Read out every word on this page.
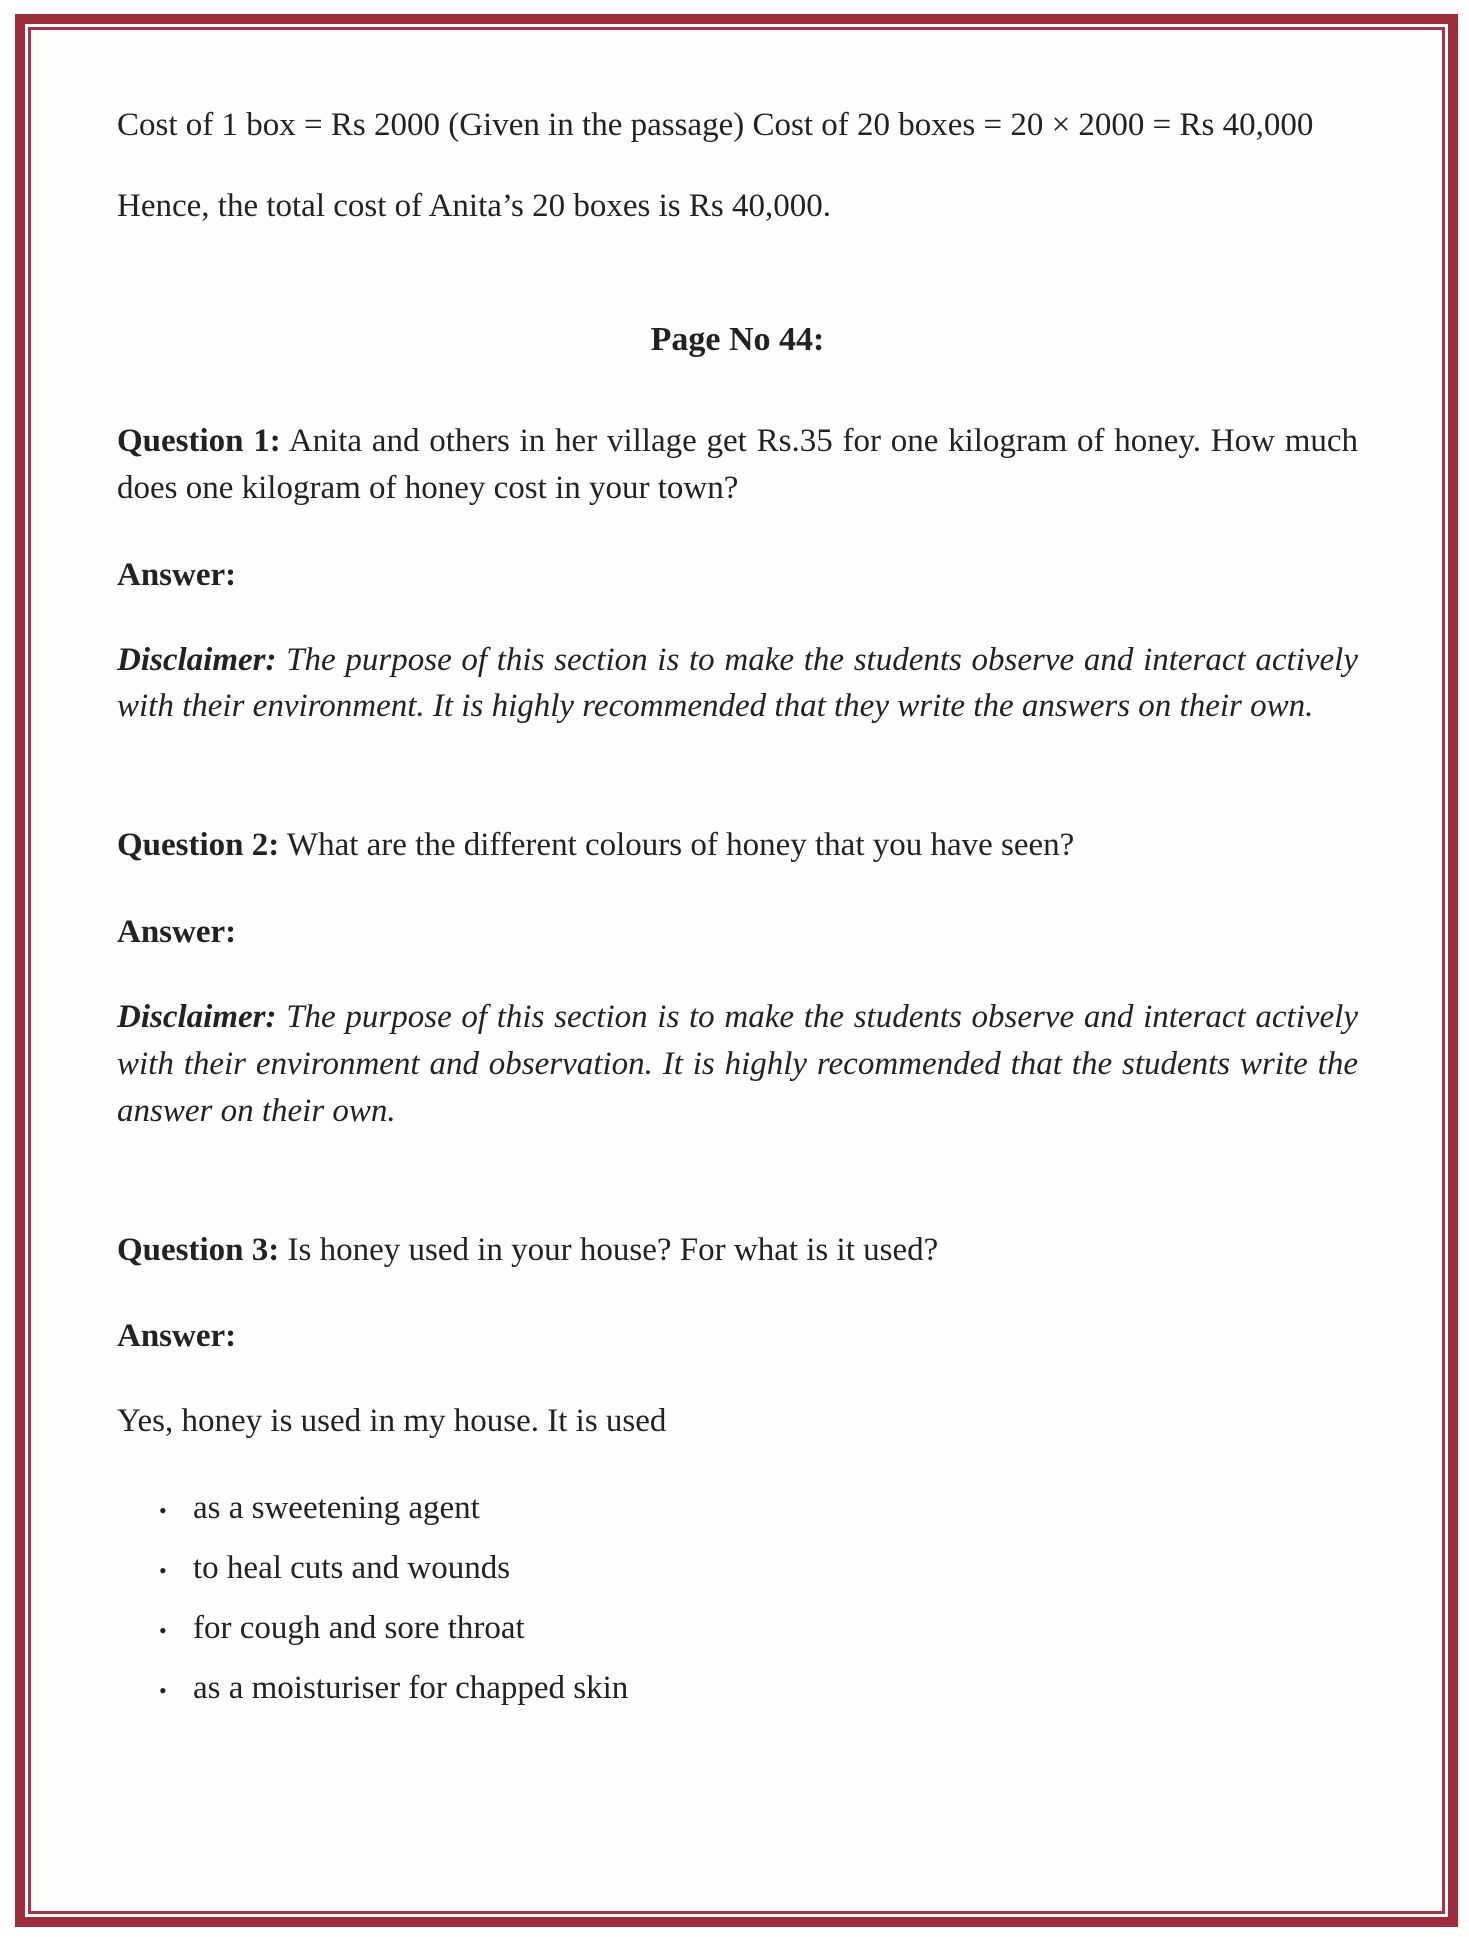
Cost of 1 box = Rs 2000 (Given in the passage) Cost of 20 boxes = 20 × 2000 = Rs 40,000

Hence, the total cost of Anita’s 20 boxes is Rs 40,000.

Page No 44:

Question 1: Anita and others in her village get Rs.35 for one kilogram of honey. How much does one kilogram of honey cost in your town?

Answer:

Disclaimer: The purpose of this section is to make the students observe and interact actively with their environment. It is highly recommended that they write the answers on their own.

Question 2: What are the different colours of honey that you have seen?

Answer:

Disclaimer: The purpose of this section is to make the students observe and interact actively with their environment and observation. It is highly recommended that the students write the answer on their own.

Question 3: Is honey used in your house? For what is it used?

Answer:

Yes, honey is used in my house. It is used

• as a sweetening agent
• to heal cuts and wounds
• for cough and sore throat
• as a moisturiser for chapped skin
